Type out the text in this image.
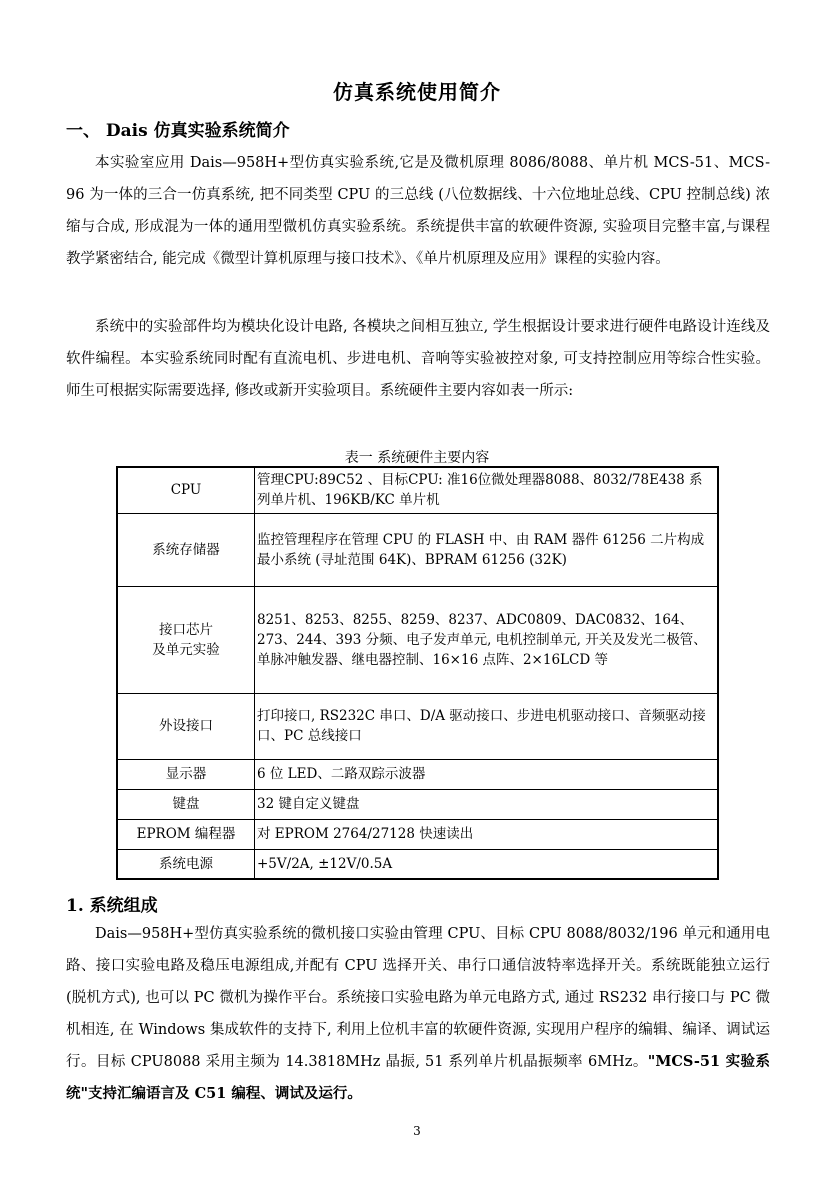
仿真系统使用简介
一、 Dais 仿真实验系统简介

本实验室应用 Dais—958H+型仿真实验系统,它是及微机原理 8086/8088、单片机 MCS-51、MCS-96 为一体的三合一仿真系统, 把不同类型 CPU 的三总线 (八位数据线、十六位地址总线、CPU 控制总线) 浓缩与合成, 形成混为一体的通用型微机仿真实验系统。系统提供丰富的软硬件资源, 实验项目完整丰富,与课程教学紧密结合, 能完成《微型计算机原理与接口技术》、《单片机原理及应用》课程的实验内容。

系统中的实验部件均为模块化设计电路, 各模块之间相互独立, 学生根据设计要求进行硬件电路设计连线及软件编程。本实验系统同时配有直流电机、步进电机、音响等实验被控对象, 可支持控制应用等综合性实验。师生可根据实际需要选择, 修改或新开实验项目。系统硬件主要内容如表一所示:

表一 系统硬件主要内容
CPU	管理CPU:89C52 、目标CPU: 准16位微处理器8088、8032/78E438 系列单片机、196KB/KC 单片机
系统存储器	监控管理程序在管理 CPU 的 FLASH 中、由 RAM 器件 61256 二片构成最小系统 (寻址范围 64K)、BPRAM 61256 (32K)
接口芯片
及单元实验	8251、8253、8255、8259、8237、ADC0809、DAC0832、164、273、244、393 分频、电子发声单元, 电机控制单元, 开关及发光二极管、单脉冲触发器、继电器控制、16×16 点阵、2×16LCD 等
外设接口	打印接口, RS232C 串口、D/A 驱动接口、步进电机驱动接口、音频驱动接口、PC 总线接口
显示器	6 位 LED、二路双踪示波器
键盘	32 键自定义键盘
EPROM 编程器	对 EPROM 2764/27128 快速读出
系统电源	+5V/2A, ±12V/0.5A
1. 系统组成

Dais—958H+型仿真实验系统的微机接口实验由管理 CPU、目标 CPU 8088/8032/196 单元和通用电路、接口实验电路及稳压电源组成,并配有 CPU 选择开关、串行口通信波特率选择开关。系统既能独立运行 (脱机方式), 也可以 PC 微机为操作平台。系统接口实验电路为单元电路方式, 通过 RS232 串行接口与 PC 微机相连, 在 Windows 集成软件的支持下, 利用上位机丰富的软硬件资源, 实现用户程序的编辑、编译、调试运行。目标 CPU8088 采用主频为 14.3818MHz 晶振, 51 系列单片机晶振频率 6MHz。"MCS-51 实验系统"支持汇编语言及 C51 编程、调试及运行。

3
